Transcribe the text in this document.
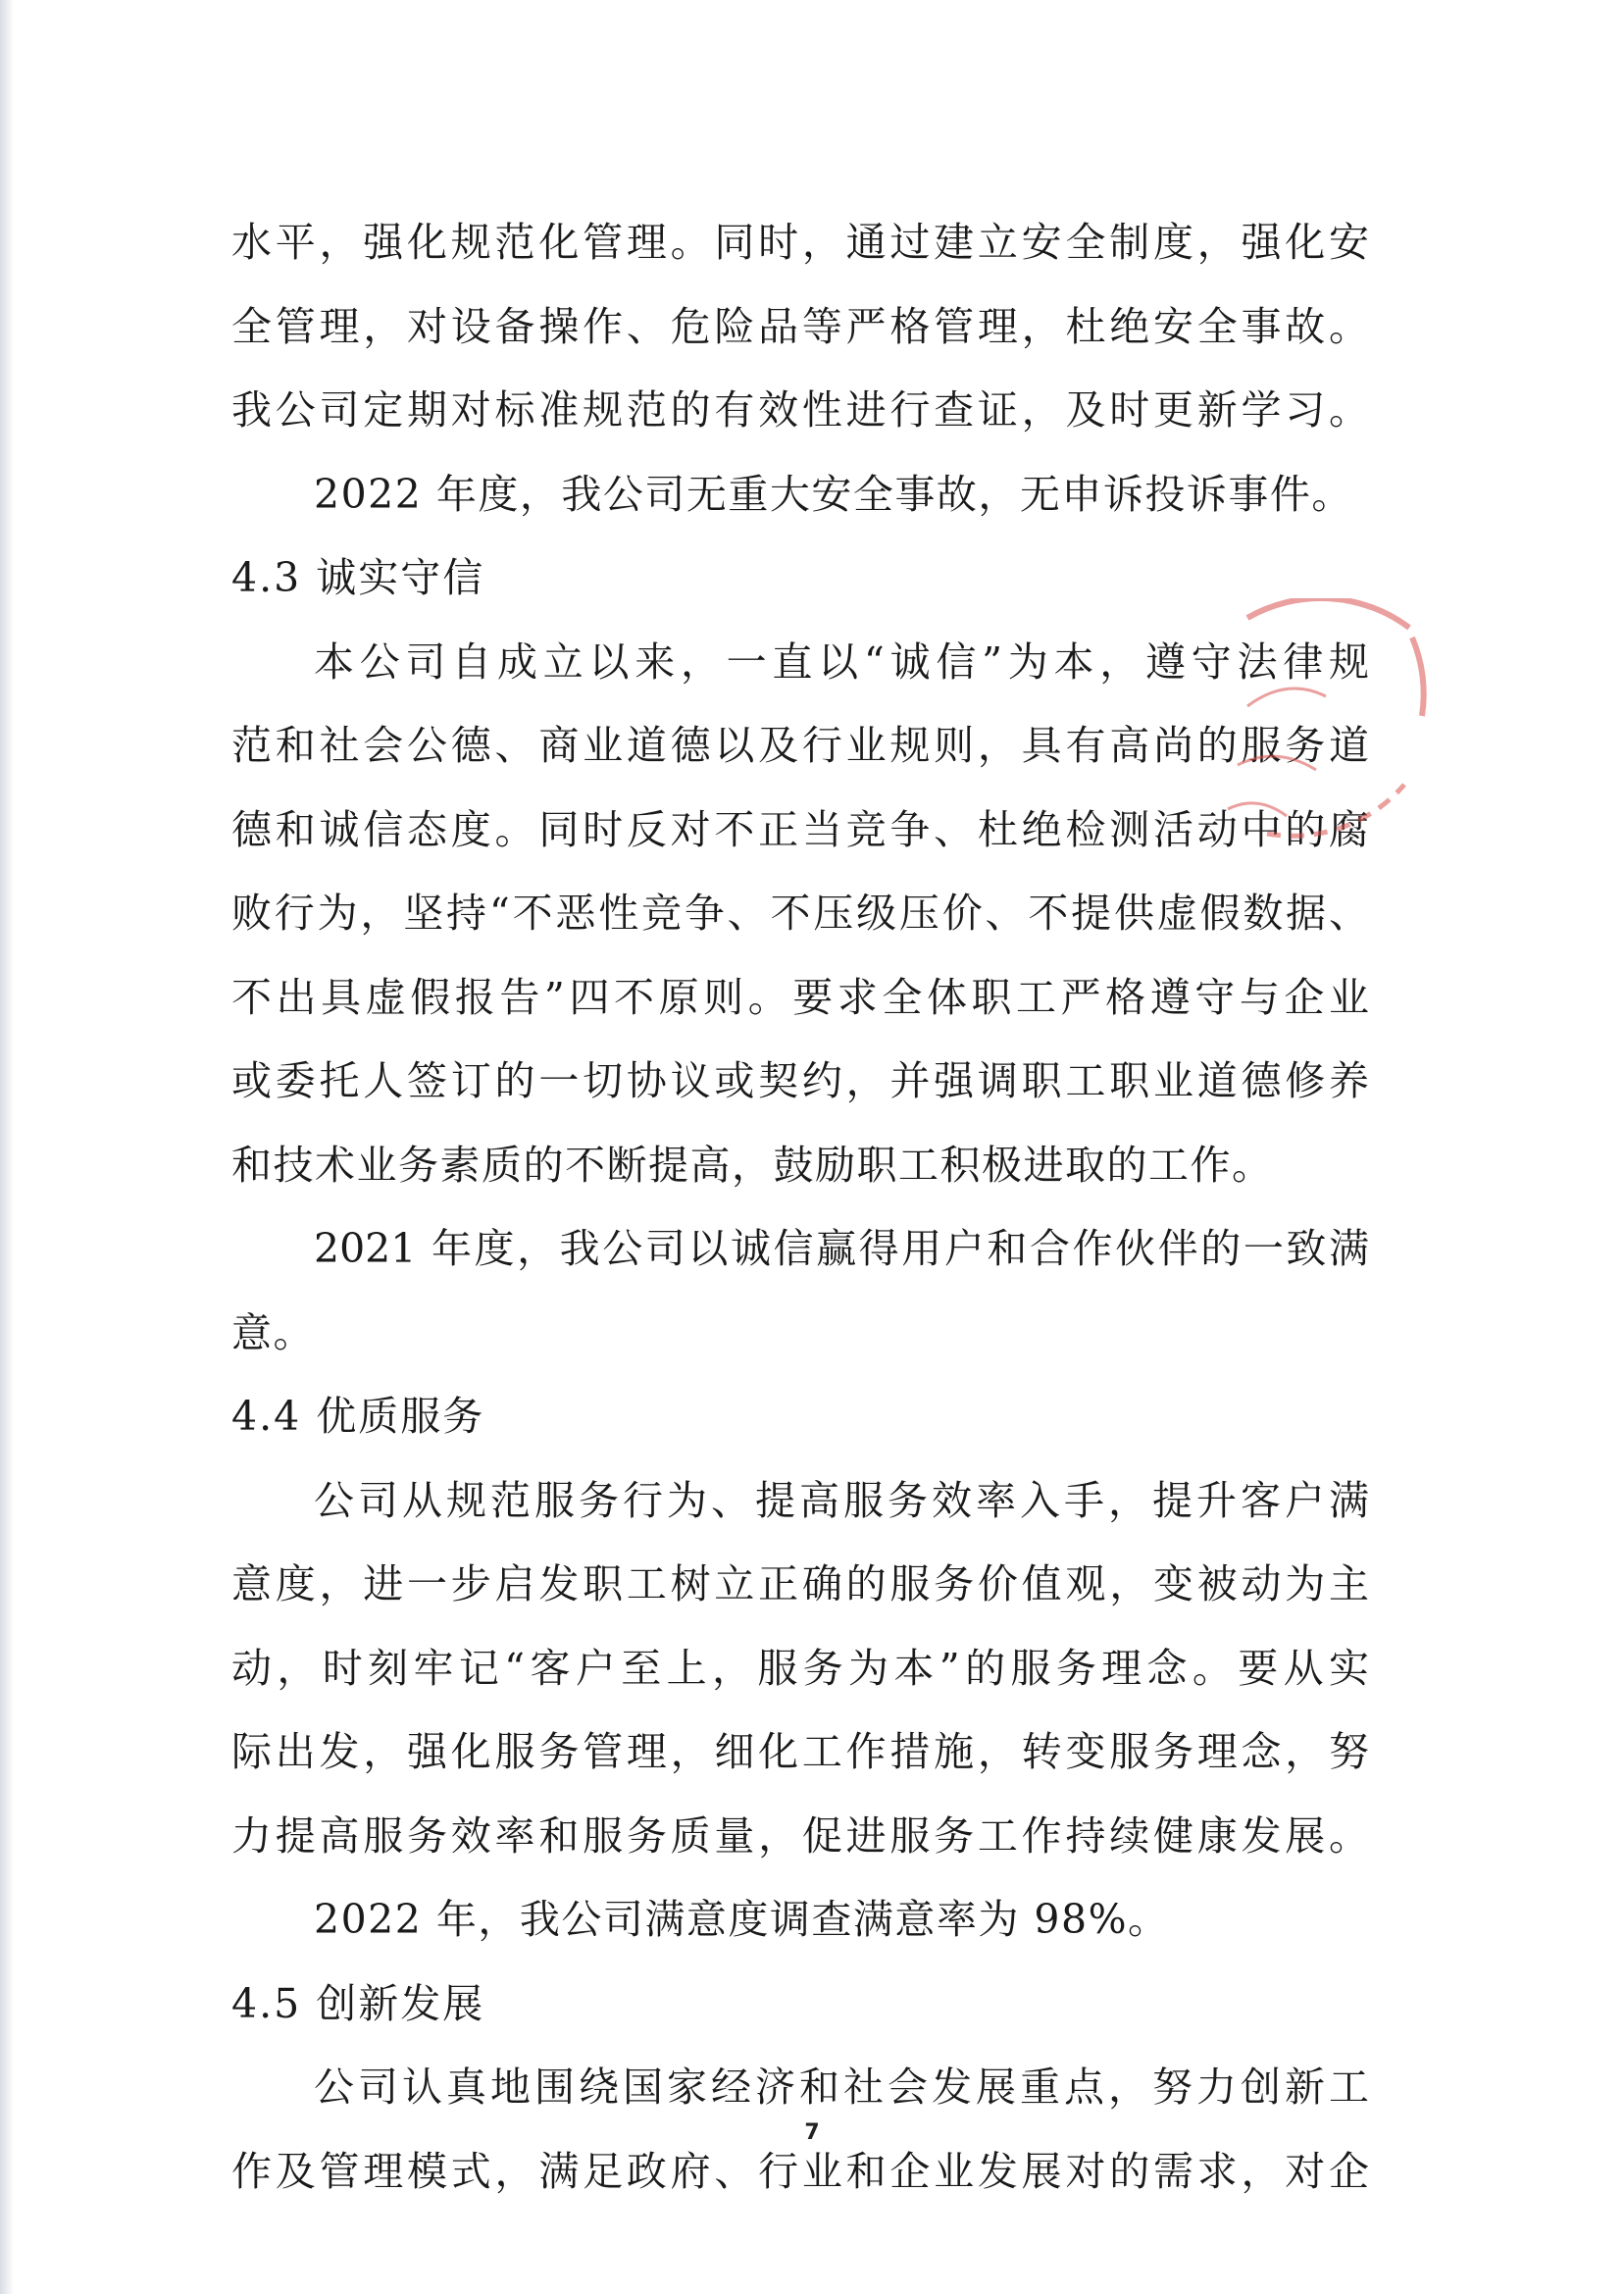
水平，强化规范化管理。同时，通过建立安全制度，强化安
全管理，对设备操作、危险品等严格管理，杜绝安全事故。
我公司定期对标准规范的有效性进行查证，及时更新学习。
2022 年度，我公司无重大安全事故，无申诉投诉事件。
4.3 诚实守信
本公司自成立以来，一直以“诚信”为本，遵守法律规
范和社会公德、商业道德以及行业规则，具有高尚的服务道
德和诚信态度。同时反对不正当竞争、杜绝检测活动中的腐
败行为，坚持“不恶性竞争、不压级压价、不提供虚假数据、
不出具虚假报告”四不原则。要求全体职工严格遵守与企业
或委托人签订的一切协议或契约，并强调职工职业道德修养
和技术业务素质的不断提高，鼓励职工积极进取的工作。
2021 年度，我公司以诚信赢得用户和合作伙伴的一致满
意。
4.4 优质服务
公司从规范服务行为、提高服务效率入手，提升客户满
意度，进一步启发职工树立正确的服务价值观，变被动为主
动，时刻牢记“客户至上，服务为本”的服务理念。要从实
际出发，强化服务管理，细化工作措施，转变服务理念，努
力提高服务效率和服务质量，促进服务工作持续健康发展。
2022 年，我公司满意度调查满意率为 98%。
4.5 创新发展
公司认真地围绕国家经济和社会发展重点，努力创新工
作及管理模式，满足政府、行业和企业发展对的需求，对企
7
